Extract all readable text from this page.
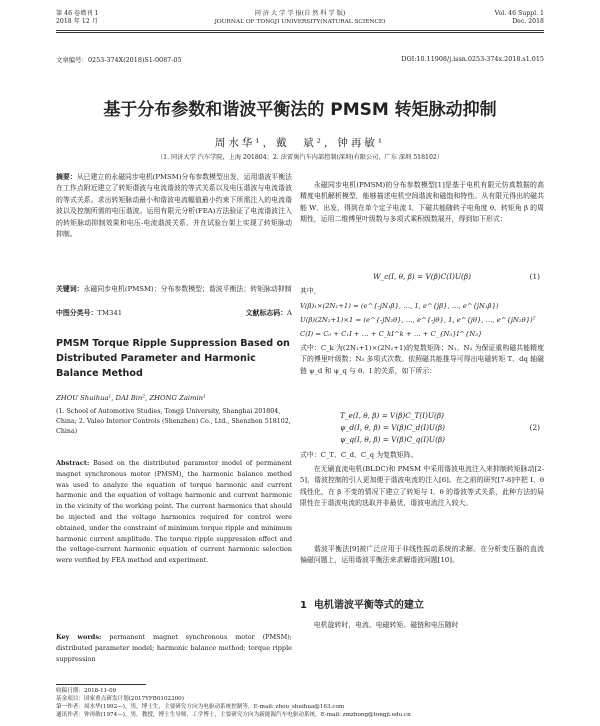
第 46 卷增刊 1
2018 年 12 月
同 济 大 学 学 报(自 然 科 学 版)
JOURNAL OF TONGJI UNIVERSITY(NATURAL SCIENCE)
Vol. 46 Suppl. 1
Dec. 2018
文章编号：0253-374X(2018)S1-0087-05	DOI:10.11908/j.issn.0253-374x.2018.s1.015
基于分布参数和谐波平衡法的 PMSM 转矩脉动抑制
周水华¹，戴　斌²，钟再敏¹
（1. 同济大学 汽车学院，上海 201804；2. 法雷奥汽车内部控制(深圳)有限公司，广东 深圳 518102）
摘要：从已建立的永磁同步电机(PMSM)分布参数模型出发，运用谐波平衡法在工作点附近建立了转矩谐波与电流谐波的等式关系以及电压谐波与电流谐波的等式关系。求出转矩脉动最小和谐波电流幅值最小约束下所需注入的电流谐波以及控制所需的电压谐波。运用有限元分析(FEA)方法验证了电流谐波注入的转矩脉动抑制效果和电压-电流谐波关系，并在试验台架上实现了转矩脉动抑制。
关键词：永磁同步电机(PMSM)；分布参数模型；谐波平衡法；转矩脉动抑制
中图分类号：TM341	文献标志码：A
PMSM Torque Ripple Suppression Based on Distributed Parameter and Harmonic Balance Method
ZHOU Shuihua¹, DAI Bin², ZHONG Zaimin¹
(1. School of Automotive Studies, Tongji University, Shanghai 201804, China; 2. Valeo Interior Controls (Shenzhen) Co., Ltd., Shenzhen 518102, China)
Abstract: Based on the distributed parameter model of permanent magnet synchronous motor (PMSM), the harmonic balance method was used to analyze the equation of torque harmonic and current harmonic and the equation of voltage harmonic and current harmonic in the vicinity of the working point. The current harmonics that should be injected and the voltage harmonics required for control were obtained, under the constraint of minimum torque ripple and minimum harmonic current amplitude. The torque ripple suppression effect and the voltage-current harmonic equation of current harmonic selection were verified by FEA method and experiment.
Key words: permanent magnet synchronous motor (PMSM); distributed parameter model; harmonic balance method; torque ripple suppression
永磁同步电机(PMSM)的分布参数模型[1]是基于电机有限元仿真数据的高精度电机解析模型，能够描述电机空间谐波和磁饱和特性。从有限元得出的磁共能 W、出发，得到在单个定子电流 I、下磁共能随转子电角度 θ、转矩角 β 的周期性，运用二维傅里叶级数与多项式乘积级数展开，得到如下形式：
W_c(I, θ, β) = V(β)C(I)U(β)	(1)
其中，
V(β)₁×(2N₁+1) = (e^{-jN₁β}, …, 1, e^{jβ}, …, e^{jN₁β})
U(β)(2N₂+1)×1 = (e^{-jN₂θ}, …, e^{-jθ}, 1, e^{jθ}, …, e^{jN₂θ})ᵀ
C(I) = C₀ + C₁I + … + C_kI^k + … + C_{N₃}I^{N₃}
式中：C_k 为(2N₁+1)×(2N₂+1)的复数矩阵；N₁、N₂ 为保证重构磁共能精度下的傅里叶级数；N₃ 多项式次数。依照磁共能推导可得出电磁转矩 T、dq 轴磁链 ψ_d 和 ψ_q 与 θ、I 的关系，如下所示：
T_e(I, θ, β) = V(β)C_T(I)U(β)
ψ_d(I, θ, β) = V(β)C_d(I)U(β)
ψ_q(I, θ, β) = V(β)C_q(I)U(β)
(2)
式中：C_T、C_d、C_q 为复数矩阵。
在无刷直流电机(BLDC)和 PMSM 中采用谐波电流注入来抑制转矩脉动[2-5]，谐波控制的引入更加便于谐波电流的注入[6]。在之前的研究[7-8]中把 I、θ 线性化，在 β 不变的情况下建立了转矩与 I、θ 的谐波等式关系，此种方法的局限性在于谐波电流的选取并非最优，谐波电流注入较大。
谐波平衡法[9]被广泛应用于非线性振动系统的求解。在分析变压器的直流偏磁问题上，运用谐波平衡法来求解谐波问题[10]。
1 电机谐波平衡等式的建立
电机旋转时，电流、电磁转矩、磁链和电压随时
收稿日期：2018-11-09
基金项目：国家重点研发计划(2017YFB0102300)
第一作者：周水华(1992—)，男，博士生，主要研究方向为电驱动系统控制等。E-mail: zhou_shuihua@163.com
通讯作者：钟再敏(1974—)，男，教授，博士生导师，工学博士，主要研究方向为新能源汽车电驱动系统。E-mail: zmzhong@tongji.edu.cn
